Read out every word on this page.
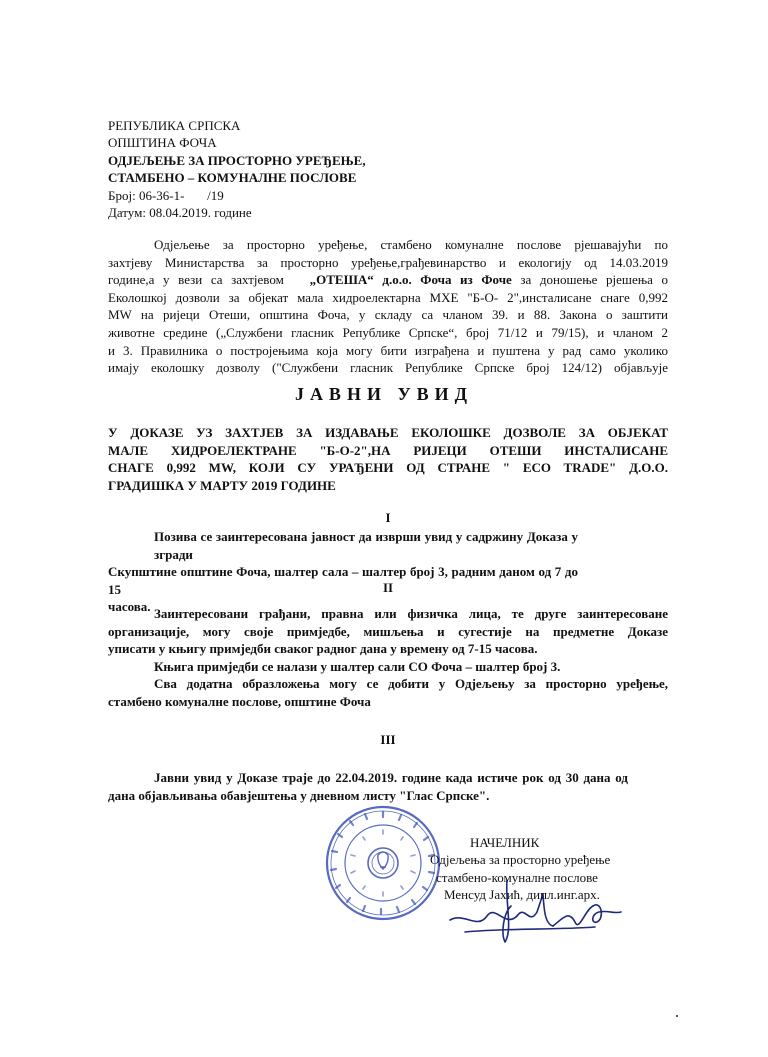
РЕПУБЛИКА СРПСКА
ОПШТИНА ФОЧА
ОДЈЕЉЕЊЕ ЗА ПРОСТОРНО УРЕЂЕЊЕ,
СТАМБЕНО – КОМУНАЛНЕ ПОСЛОВЕ
Број: 06-36-1-       /19
Датум: 08.04.2019. године
Одјељење за просторно уређење, стамбено комуналне послове рјешавајући по
захтјеву Министарства за просторно уређење,грађевинарство и екологију од 14.03.2019
године,а у вези са захтјевом   „ОТЕША“ д.о.о. Фоча из Фоче за доношење рјешења о
Еколошкој дозволи за објекат мала хидроелектарна МХЕ "Б-О- 2",инсталисане снаге 0,992
MW на ријеци Отеши, општина Фоча, у складу са чланом 39. и 88. Закона о заштити
животне средине („Службени гласник Републике Српске“, број 71/12 и 79/15), и чланом 2
и 3. Правилника о постројењима која могу бити изграђена и пуштена у рад само уколико
имају еколошку дозволу ("Службени гласник Републике Српске број 124/12) објављује
ЈАВНИ УВИД
У ДОКАЗЕ УЗ ЗАХТЈЕВ ЗА ИЗДАВАЊЕ ЕКОЛОШКЕ ДОЗВОЛЕ ЗА ОБЈЕКАТ
МАЛЕ ХИДРОЕЛЕКТРАНЕ "Б-О-2",НА РИЈЕЦИ ОТЕШИ ИНСТАЛИСАНЕ
СНАГЕ 0,992 MW, КОЈИ СУ УРАЂЕНИ ОД СТРАНЕ " ECO TRADE" Д.О.О.
ГРАДИШКА У МАРТУ 2019 ГОДИНЕ
I
Позива се заинтересована јавност да изврши увид у садржину Доказа у згради
Скупштине општине Фоча, шалтер сала – шалтер број 3, радним даном од 7 до 15
часова.
II
Заинтересовани грађани, правна или физичка лица, те друге заинтересоване
организације, могу своје примједбе, мишљења и сугестије на предметне Доказе
уписати у књигу примједби сваког радног дана у времену од 7-15 часова.
Књига примједби се налази у шалтер сали СО Фоча – шалтер број 3.
Сва додатна образложења могу се добити у Одјељењу за просторно уређење,
стамбено комуналне послове, општине Фоча
III
Јавни увид у Доказе траје до 22.04.2019. године када истиче рок од 30 дана од
дана објављивања обавјештења у дневном листу "Глас Српске".
НАЧЕЛНИК
Одјељења за просторно уређење
стамбено-комуналне послове
Менсуд Јахић, дипл.инг.арх.
